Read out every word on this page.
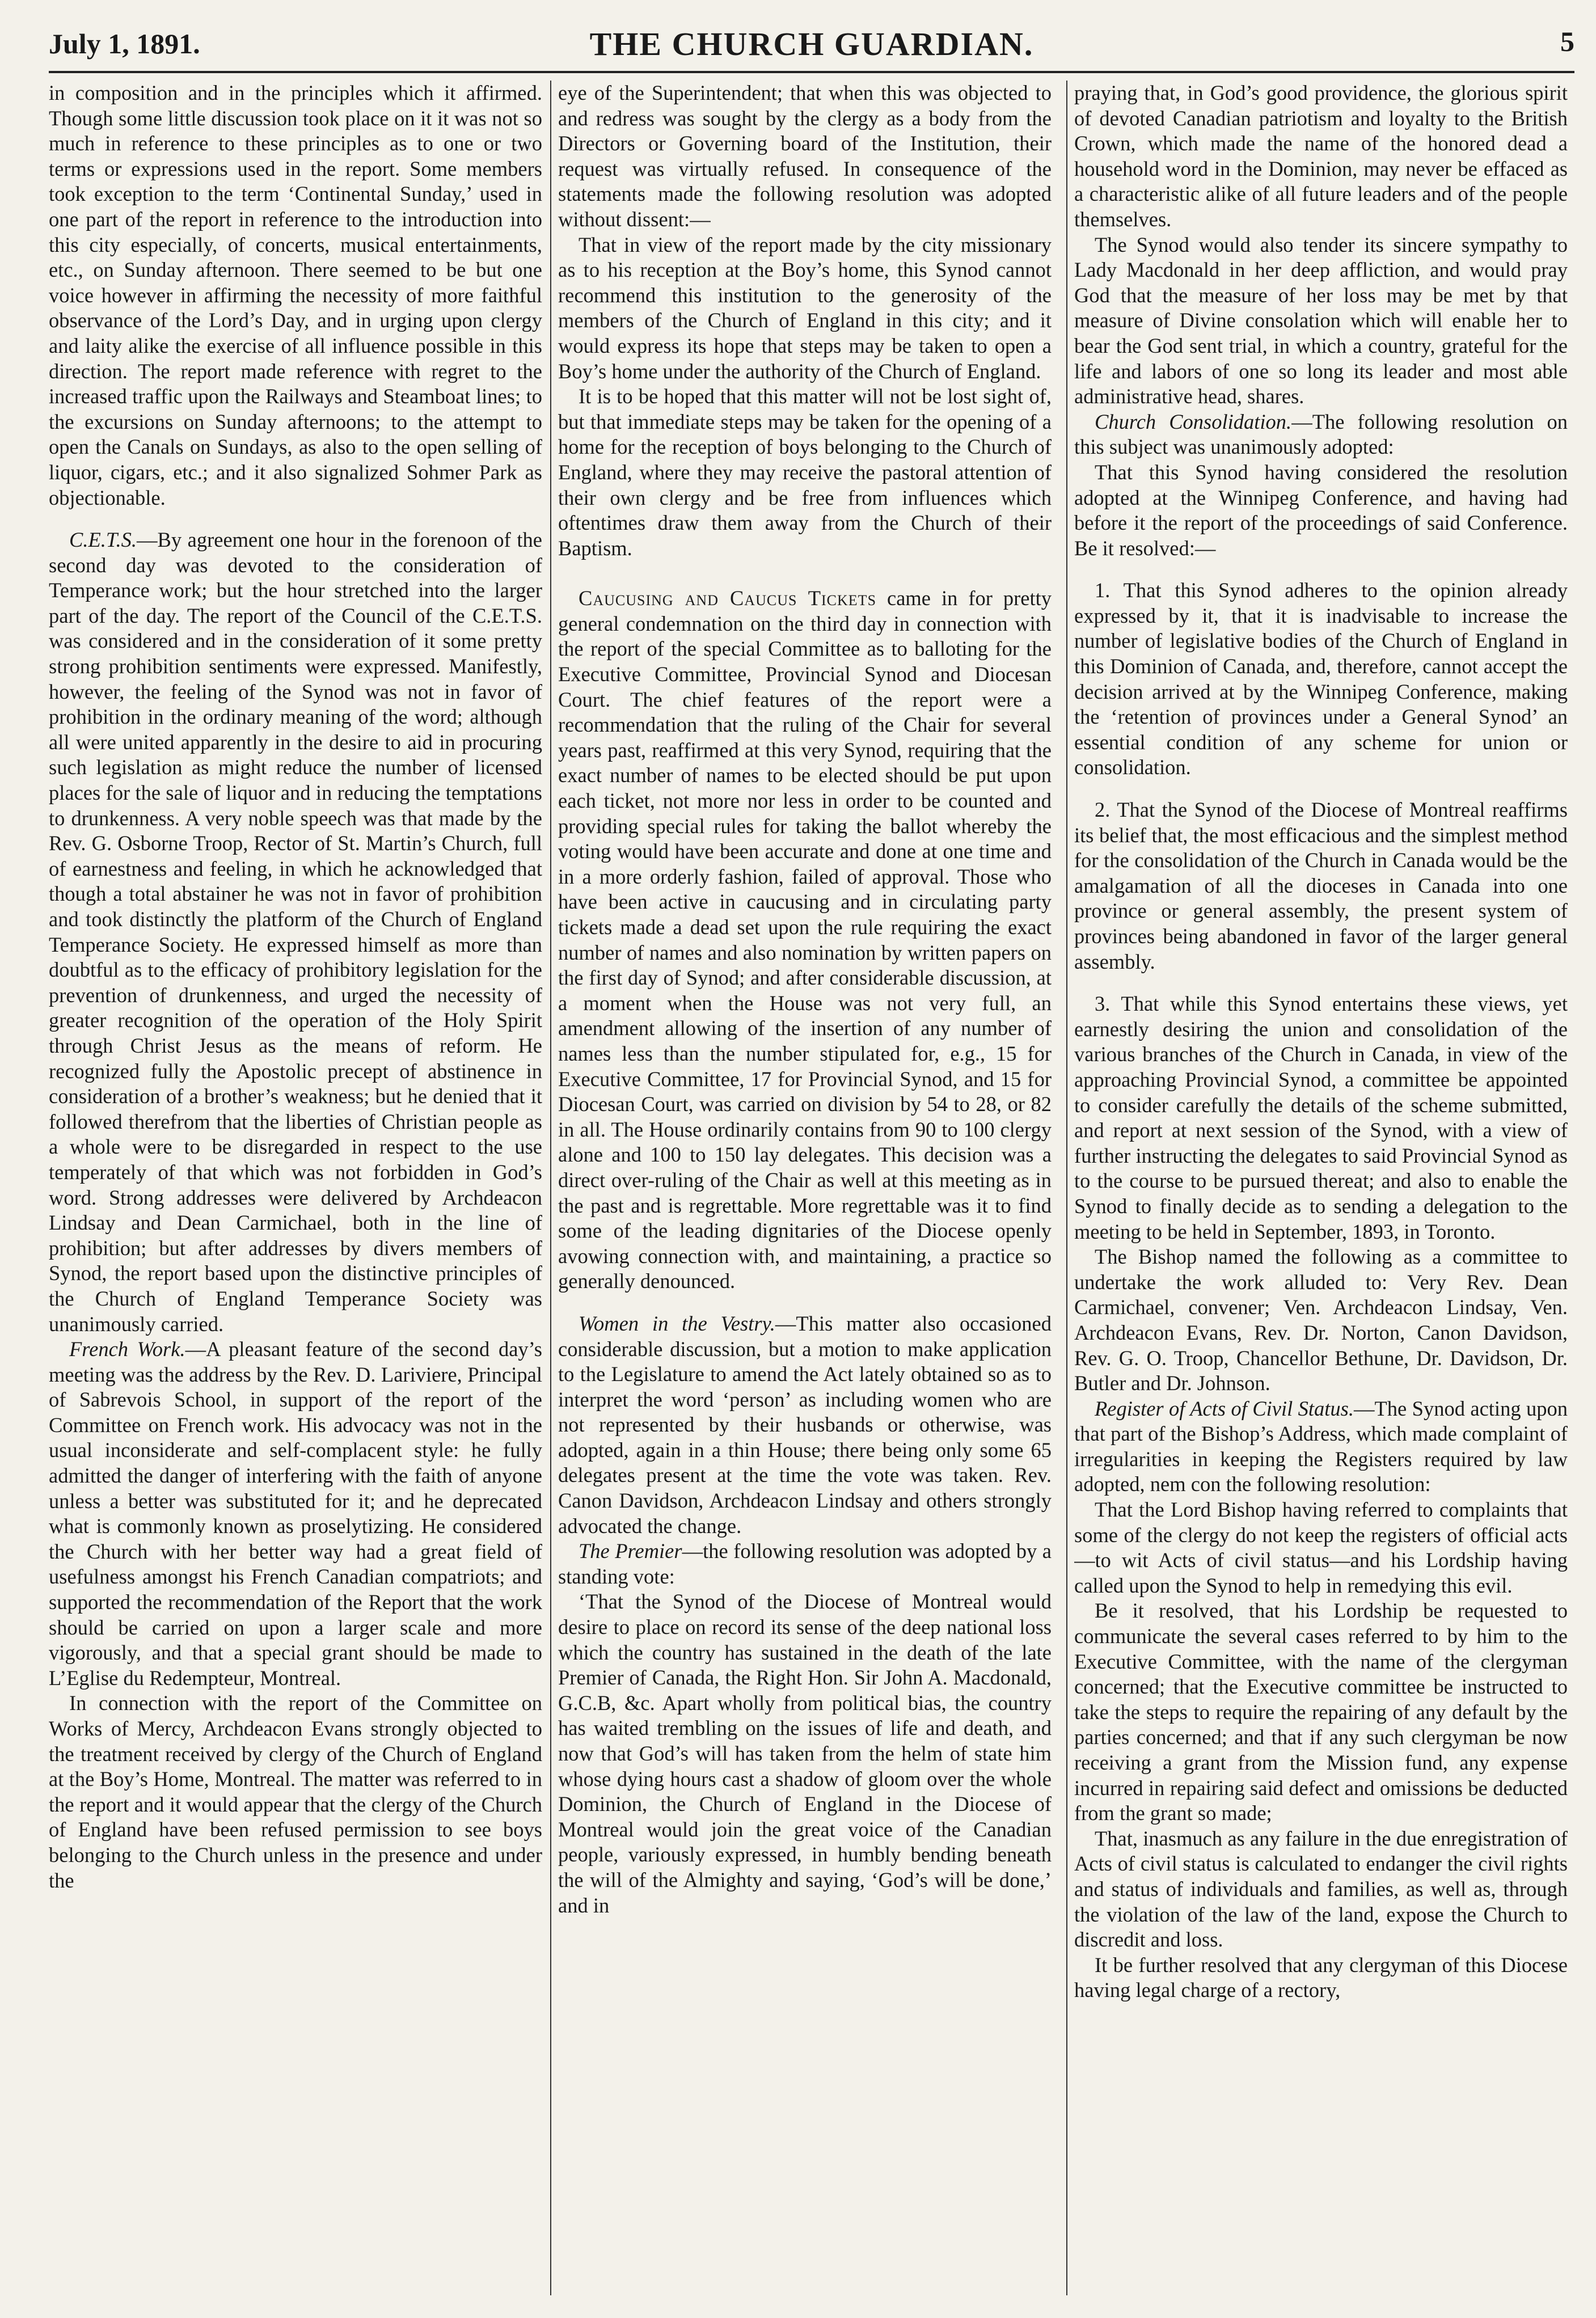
July 1, 1891.	THE CHURCH GUARDIAN.	5

in composition and in the principles which it affirmed. Though some little discussion took place on it it was not so much in reference to these principles as to one or two terms or expressions used in the report. Some members took exception to the term ‘Continental Sunday,’ used in one part of the report in reference to the introduction into this city especially, of concerts, musical entertainments, etc., on Sunday afternoon. There seemed to be but one voice however in affirming the necessity of more faithful observance of the Lord’s Day, and in urging upon clergy and laity alike the exercise of all influence possible in this direction. The report made reference with regret to the increased traffic upon the Railways and Steamboat lines; to the excursions on Sunday afternoons; to the attempt to open the Canals on Sundays, as also to the open selling of liquor, cigars, etc.; and it also signalized Sohmer Park as objectionable.

C.E.T.S.—By agreement one hour in the forenoon of the second day was devoted to the consideration of Temperance work; but the hour stretched into the larger part of the day. The report of the Council of the C.E.T.S. was considered and in the consideration of it some pretty strong prohibition sentiments were expressed. Manifestly, however, the feeling of the Synod was not in favor of prohibition in the ordinary meaning of the word; although all were united apparently in the desire to aid in procuring such legislation as might reduce the number of licensed places for the sale of liquor and in reducing the temptations to drunkenness. A very noble speech was that made by the Rev. G. Osborne Troop, Rector of St. Martin’s Church, full of earnestness and feeling, in which he acknowledged that though a total abstainer he was not in favor of prohibition and took distinctly the platform of the Church of England Temperance Society. He expressed himself as more than doubtful as to the efficacy of prohibitory legislation for the prevention of drunkenness, and urged the necessity of greater recognition of the operation of the Holy Spirit through Christ Jesus as the means of reform. He recognized fully the Apostolic precept of abstinence in consideration of a brother’s weakness; but he denied that it followed therefrom that the liberties of Christian people as a whole were to be disregarded in respect to the use temperately of that which was not forbidden in God’s word. Strong addresses were delivered by Archdeacon Lindsay and Dean Carmichael, both in the line of prohibition; but after addresses by divers members of Synod, the report based upon the distinctive principles of the Church of England Temperance Society was unanimously carried.

French Work.—A pleasant feature of the second day’s meeting was the address by the Rev. D. Lariviere, Principal of Sabrevois School, in support of the report of the Committee on French work. His advocacy was not in the usual inconsiderate and self-complacent style: he fully admitted the danger of interfering with the faith of anyone unless a better was substituted for it; and he deprecated what is commonly known as proselytizing. He considered the Church with her better way had a great field of usefulness amongst his French Canadian compatriots; and supported the recommendation of the Report that the work should be carried on upon a larger scale and more vigorously, and that a special grant should be made to L’Eglise du Redempteur, Montreal.

In connection with the report of the Committee on Works of Mercy, Archdeacon Evans strongly objected to the treatment received by clergy of the Church of England at the Boy’s Home, Montreal. The matter was referred to in the report and it would appear that the clergy of the Church of England have been refused permission to see boys belonging to the Church unless in the presence and under the

eye of the Superintendent; that when this was objected to and redress was sought by the clergy as a body from the Directors or Governing board of the Institution, their request was virtually refused. In consequence of the statements made the following resolution was adopted without dissent:—

That in view of the report made by the city missionary as to his reception at the Boy’s home, this Synod cannot recommend this institution to the generosity of the members of the Church of England in this city; and it would express its hope that steps may be taken to open a Boy’s home under the authority of the Church of England.

It is to be hoped that this matter will not be lost sight of, but that immediate steps may be taken for the opening of a home for the reception of boys belonging to the Church of England, where they may receive the pastoral attention of their own clergy and be free from influences which oftentimes draw them away from the Church of their Baptism.

Caucusing and Caucus Tickets came in for pretty general condemnation on the third day in connection with the report of the special Committee as to balloting for the Executive Committee, Provincial Synod and Diocesan Court. The chief features of the report were a recommendation that the ruling of the Chair for several years past, reaffirmed at this very Synod, requiring that the exact number of names to be elected should be put upon each ticket, not more nor less in order to be counted and providing special rules for taking the ballot whereby the voting would have been accurate and done at one time and in a more orderly fashion, failed of approval. Those who have been active in caucusing and in circulating party tickets made a dead set upon the rule requiring the exact number of names and also nomination by written papers on the first day of Synod; and after considerable discussion, at a moment when the House was not very full, an amendment allowing of the insertion of any number of names less than the number stipulated for, e.g., 15 for Executive Committee, 17 for Provincial Synod, and 15 for Diocesan Court, was carried on division by 54 to 28, or 82 in all. The House ordinarily contains from 90 to 100 clergy alone and 100 to 150 lay delegates. This decision was a direct over-ruling of the Chair as well at this meeting as in the past and is regrettable. More regrettable was it to find some of the leading dignitaries of the Diocese openly avowing connection with, and maintaining, a practice so generally denounced.

Women in the Vestry.—This matter also occasioned considerable discussion, but a motion to make application to the Legislature to amend the Act lately obtained so as to interpret the word ‘person’ as including women who are not represented by their husbands or otherwise, was adopted, again in a thin House; there being only some 65 delegates present at the time the vote was taken. Rev. Canon Davidson, Archdeacon Lindsay and others strongly advocated the change.

The Premier—the following resolution was adopted by a standing vote:

‘That the Synod of the Diocese of Montreal would desire to place on record its sense of the deep national loss which the country has sustained in the death of the late Premier of Canada, the Right Hon. Sir John A. Macdonald, G.C.B, &c. Apart wholly from political bias, the country has waited trembling on the issues of life and death, and now that God’s will has taken from the helm of state him whose dying hours cast a shadow of gloom over the whole Dominion, the Church of England in the Diocese of Montreal would join the great voice of the Canadian people, variously expressed, in humbly bending beneath the will of the Almighty and saying, ‘God’s will be done,’ and in

praying that, in God’s good providence, the glorious spirit of devoted Canadian patriotism and loyalty to the British Crown, which made the name of the honored dead a household word in the Dominion, may never be effaced as a characteristic alike of all future leaders and of the people themselves.

The Synod would also tender its sincere sympathy to Lady Macdonald in her deep affliction, and would pray God that the measure of her loss may be met by that measure of Divine consolation which will enable her to bear the God sent trial, in which a country, grateful for the life and labors of one so long its leader and most able administrative head, shares.

Church Consolidation.—The following resolution on this subject was unanimously adopted:

That this Synod having considered the resolution adopted at the Winnipeg Conference, and having had before it the report of the proceedings of said Conference. Be it resolved:—

1. That this Synod adheres to the opinion already expressed by it, that it is inadvisable to increase the number of legislative bodies of the Church of England in this Dominion of Canada, and, therefore, cannot accept the decision arrived at by the Winnipeg Conference, making the ‘retention of provinces under a General Synod’ an essential condition of any scheme for union or consolidation.

2. That the Synod of the Diocese of Montreal reaffirms its belief that, the most efficacious and the simplest method for the consolidation of the Church in Canada would be the amalgamation of all the dioceses in Canada into one province or general assembly, the present system of provinces being abandoned in favor of the larger general assembly.

3. That while this Synod entertains these views, yet earnestly desiring the union and consolidation of the various branches of the Church in Canada, in view of the approaching Provincial Synod, a committee be appointed to consider carefully the details of the scheme submitted, and report at next session of the Synod, with a view of further instructing the delegates to said Provincial Synod as to the course to be pursued thereat; and also to enable the Synod to finally decide as to sending a delegation to the meeting to be held in September, 1893, in Toronto.

The Bishop named the following as a committee to undertake the work alluded to: Very Rev. Dean Carmichael, convener; Ven. Archdeacon Lindsay, Ven. Archdeacon Evans, Rev. Dr. Norton, Canon Davidson, Rev. G. O. Troop, Chancellor Bethune, Dr. Davidson, Dr. Butler and Dr. Johnson.

Register of Acts of Civil Status.—The Synod acting upon that part of the Bishop’s Address, which made complaint of irregularities in keeping the Registers required by law adopted, nem con the following resolution:

That the Lord Bishop having referred to complaints that some of the clergy do not keep the registers of official acts—to wit Acts of civil status—and his Lordship having called upon the Synod to help in remedying this evil.

Be it resolved, that his Lordship be requested to communicate the several cases referred to by him to the Executive Committee, with the name of the clergyman concerned; that the Executive committee be instructed to take the steps to require the repairing of any default by the parties concerned; and that if any such clergyman be now receiving a grant from the Mission fund, any expense incurred in repairing said defect and omissions be deducted from the grant so made;

That, inasmuch as any failure in the due enregistration of Acts of civil status is calculated to endanger the civil rights and status of individuals and families, as well as, through the violation of the law of the land, expose the Church to discredit and loss.

It be further resolved that any clergyman of this Diocese having legal charge of a rectory,
